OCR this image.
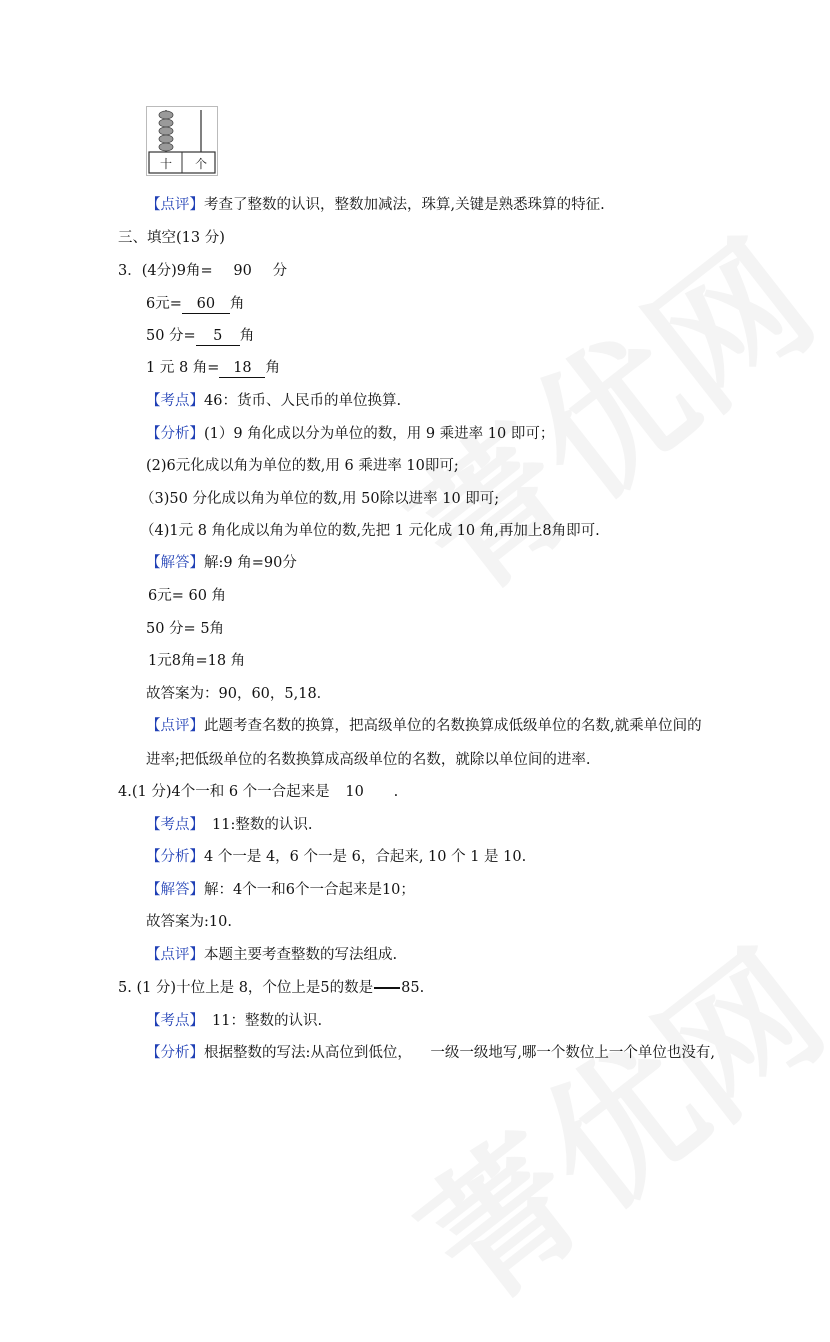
十 个
【点评】考查了整数的认识，整数加减法，珠算,关键是熟悉珠算的特征.
三、填空(13 分)
3．(4分)9角= 90 分
6元= 60 角
50 分= 5 角
1 元 8 角= 18 角
【考点】46：货币、人民币的单位换算.
【分析】(1）9 角化成以分为单位的数，用 9 乘进率 10 即可；
(2)6元化成以角为单位的数,用 6 乘进率 10即可;
（3)50 分化成以角为单位的数,用 50除以进率 10 即可;
（4)1元 8 角化成以角为单位的数,先把 1 元化成 10 角,再加上8角即可.
【解答】解:9 角=90分
6元= 60 角
50 分= 5角
1元8角=18 角
故答案为：90，60，5,18．
【点评】此题考查名数的换算，把高级单位的名数换算成低级单位的名数,就乘单位间的
进率;把低级单位的名数换算成高级单位的名数，就除以单位间的进率.
4.(1 分)4个一和 6 个一合起来是 10 .
【考点】 11:整数的认识.
【分析】4 个一是 4，6 个一是 6，合起来, 10 个 1 是 10.
【解答】解：4个一和6个一合起来是10；
故答案为:10.
【点评】本题主要考查整数的写法组成.
5. (1 分)十位上是 8，个位上是5的数是 85.
【考点】 11：整数的认识.
【分析】根据整数的写法:从高位到低位，    一级一级地写,哪一个数位上一个单位也没有,
